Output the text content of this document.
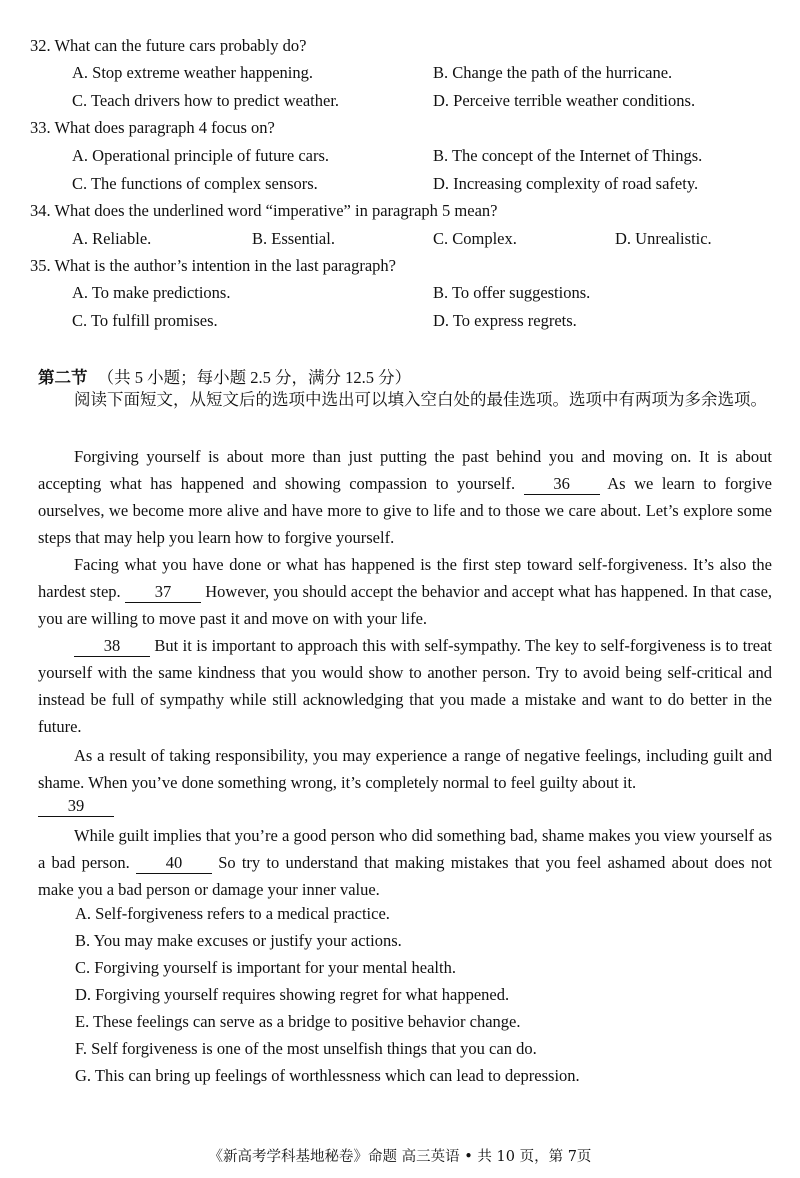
32. What can the future cars probably do?
A. Stop extreme weather happening.	B. Change the path of the hurricane.
C. Teach drivers how to predict weather.	D. Perceive terrible weather conditions.
33. What does paragraph 4 focus on?
A. Operational principle of future cars.	B. The concept of the Internet of Things.
C. The functions of complex sensors.	D. Increasing complexity of road safety.
34. What does the underlined word “imperative” in paragraph 5 mean?
A. Reliable.	B. Essential.	C. Complex.	D. Unrealistic.
35. What is the author’s intention in the last paragraph?
A. To make predictions.	B. To offer suggestions.
C. To fulfill promises.	D. To express regrets.
第二节 （共 5 小题；每小题 2.5 分，满分 12.5 分）

阅读下面短文，从短文后的选项中选出可以填入空白处的最佳选项。选项中有两项为多余选项。

Forgiving yourself is about more than just putting the past behind you and moving on. It is about accepting what has happened and showing compassion to yourself. 36 As we learn to forgive ourselves, we become more alive and have more to give to life and to those we care about. Let’s explore some steps that may help you learn how to forgive yourself.

Facing what you have done or what has happened is the first step toward self-forgiveness. It’s also the hardest step. 37 However, you should accept the behavior and accept what has happened. In that case, you are willing to move past it and move on with your life.

38 But it is important to approach this with self-sympathy. The key to self-forgiveness is to treat yourself with the same kindness that you would show to another person. Try to avoid being self-critical and instead be full of sympathy while still acknowledging that you made a mistake and want to do better in the future.

As a result of taking responsibility, you may experience a range of negative feelings, including guilt and shame. When you’ve done something wrong, it’s completely normal to feel guilty about it.

39

While guilt implies that you’re a good person who did something bad, shame makes you view yourself as a bad person. 40 So try to understand that making mistakes that you feel ashamed about does not make you a bad person or damage your inner value.

A. Self-forgiveness refers to a medical practice.
B. You may make excuses or justify your actions.
C. Forgiving yourself is important for your mental health.
D. Forgiving yourself requires showing regret for what happened.
E. These feelings can serve as a bridge to positive behavior change.
F. Self forgiveness is one of the most unselfish things that you can do.
G. This can bring up feelings of worthlessness which can lead to depression.
《新高考学科基地秘卷》命题 高三英语 • 共 10 页，第 7页
